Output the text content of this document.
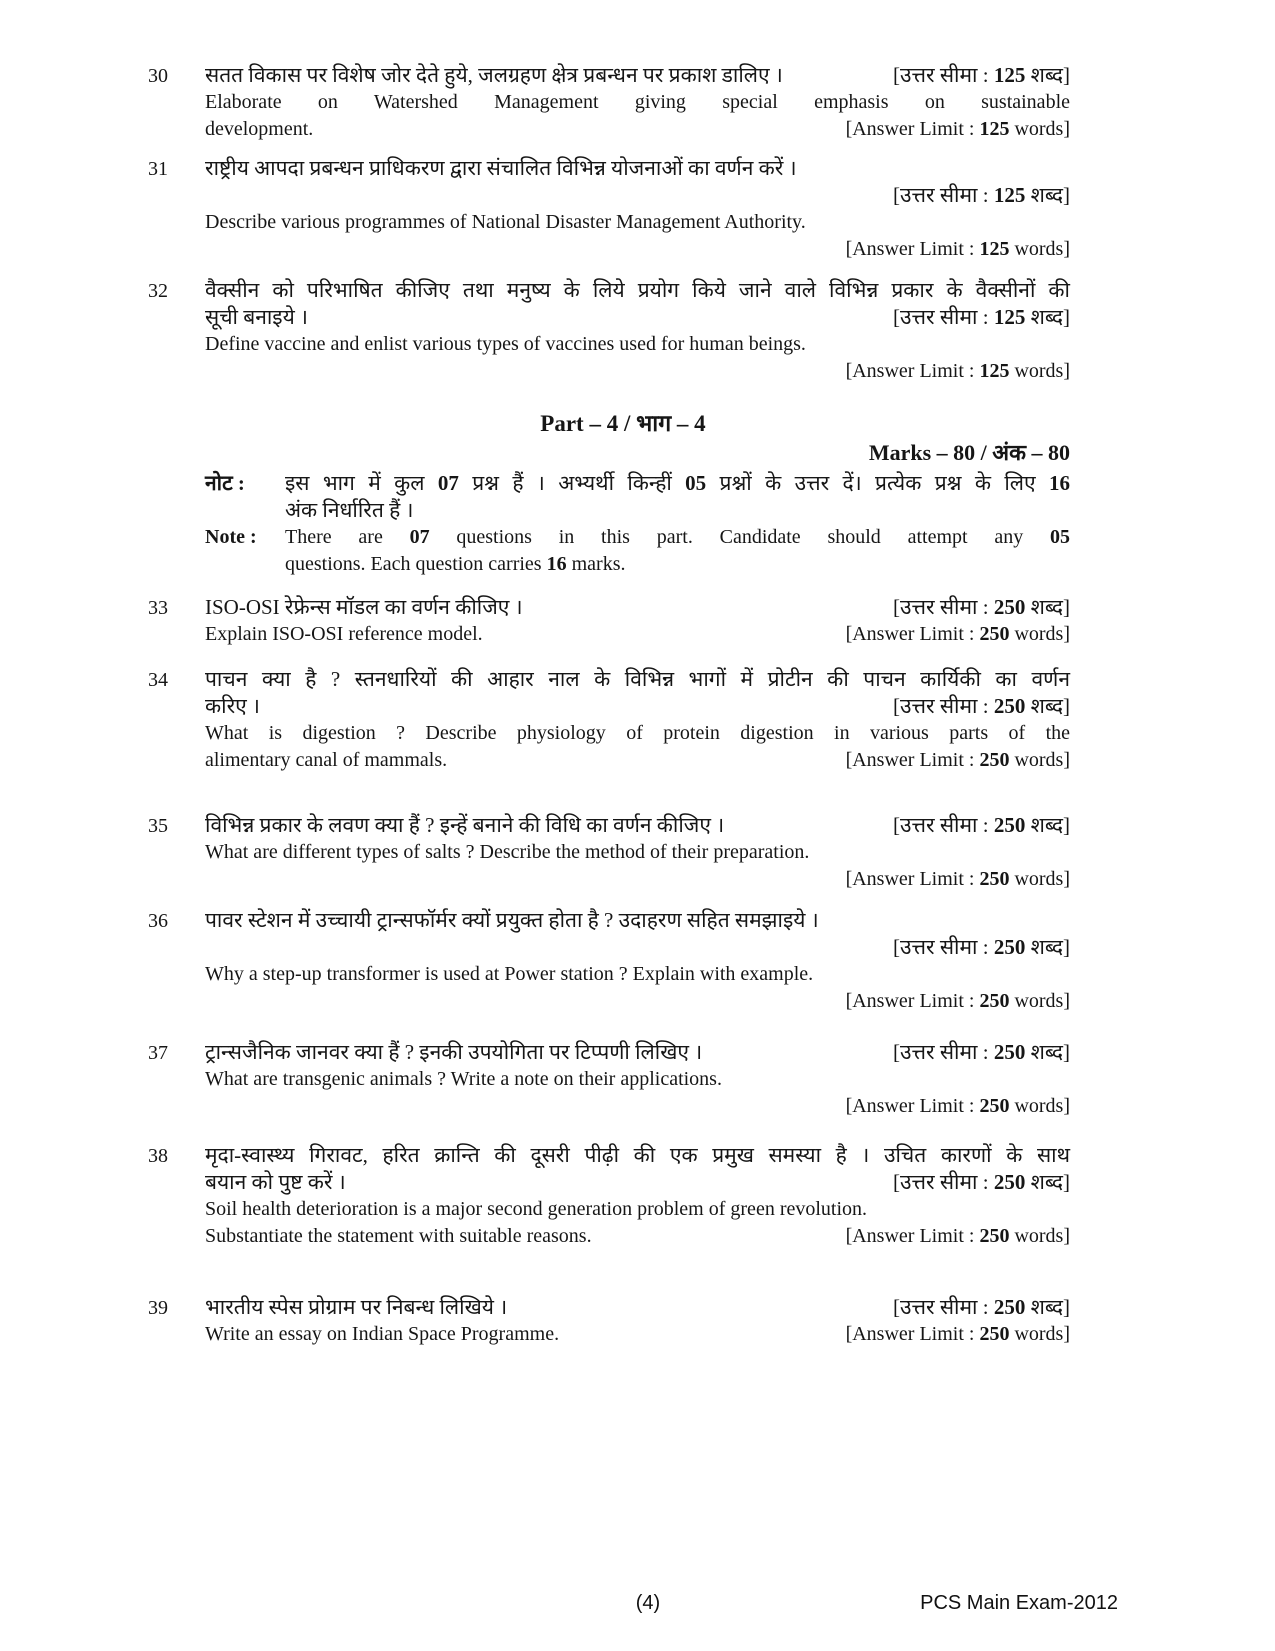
30	सतत विकास पर विशेष जोर देते हुये, जलग्रहण क्षेत्र प्रबन्धन पर प्रकाश डालिए ।	[उत्तर सीमा : 125 शब्द]
Elaborate on Watershed Management giving special emphasis on sustainable
development.	[Answer Limit : 125 words]
31	राष्ट्रीय आपदा प्रबन्धन प्राधिकरण द्वारा संचालित विभिन्न योजनाओं का वर्णन करें ।
[उत्तर सीमा : 125 शब्द]
Describe various programmes of National Disaster Management Authority.
[Answer Limit : 125 words]
32	वैक्सीन को परिभाषित कीजिए तथा मनुष्य के लिये प्रयोग किये जाने वाले विभिन्न प्रकार के वैक्सीनों की
सूची बनाइये ।	[उत्तर सीमा : 125 शब्द]
Define vaccine and enlist various types of vaccines used for human beings.
[Answer Limit : 125 words]
Part – 4 / भाग – 4
Marks – 80 / अंक – 80
नोट :	इस भाग में कुल 07 प्रश्न हैं । अभ्यर्थी किन्हीं 05 प्रश्नों के उत्तर दें। प्रत्येक प्रश्न के लिए 16
अंक निर्धारित हैं ।
Note :	There are 07 questions in this part. Candidate should attempt any 05
questions. Each question carries 16 marks.
33	ISO-OSI रेफ्रेन्स मॉडल का वर्णन कीजिए ।	[उत्तर सीमा : 250 शब्द]
Explain ISO-OSI reference model.	[Answer Limit : 250 words]
34	पाचन क्या है ? स्तनधारियों की आहार नाल के विभिन्न भागों में प्रोटीन की पाचन कार्यिकी का वर्णन
करिए ।	[उत्तर सीमा : 250 शब्द]
What is digestion ? Describe physiology of protein digestion in various parts of the
alimentary canal of mammals.	[Answer Limit : 250 words]
35	विभिन्न प्रकार के लवण क्या हैं ? इन्हें बनाने की विधि का वर्णन कीजिए ।	[उत्तर सीमा : 250 शब्द]
What are different types of salts ? Describe the method of their preparation.
[Answer Limit : 250 words]
36	पावर स्टेशन में उच्चायी ट्रान्सफॉर्मर क्यों प्रयुक्त होता है ? उदाहरण सहित समझाइये ।
[उत्तर सीमा : 250 शब्द]
Why a step-up transformer is used at Power station ? Explain with example.
[Answer Limit : 250 words]
37	ट्रान्सजैनिक जानवर क्या हैं ? इनकी उपयोगिता पर टिप्पणी लिखिए ।	[उत्तर सीमा : 250 शब्द]
What are transgenic animals ? Write a note on their applications.
[Answer Limit : 250 words]
38	मृदा-स्वास्थ्य गिरावट, हरित क्रान्ति की दूसरी पीढ़ी की एक प्रमुख समस्या है । उचित कारणों के साथ
बयान को पुष्ट करें ।	[उत्तर सीमा : 250 शब्द]
Soil health deterioration is a major second generation problem of green revolution.
Substantiate the statement with suitable reasons.	[Answer Limit : 250 words]
39	भारतीय स्पेस प्रोग्राम पर निबन्ध लिखिये ।	[उत्तर सीमा : 250 शब्द]
Write an essay on Indian Space Programme.	[Answer Limit : 250 words]
(4)	PCS Main Exam-2012
